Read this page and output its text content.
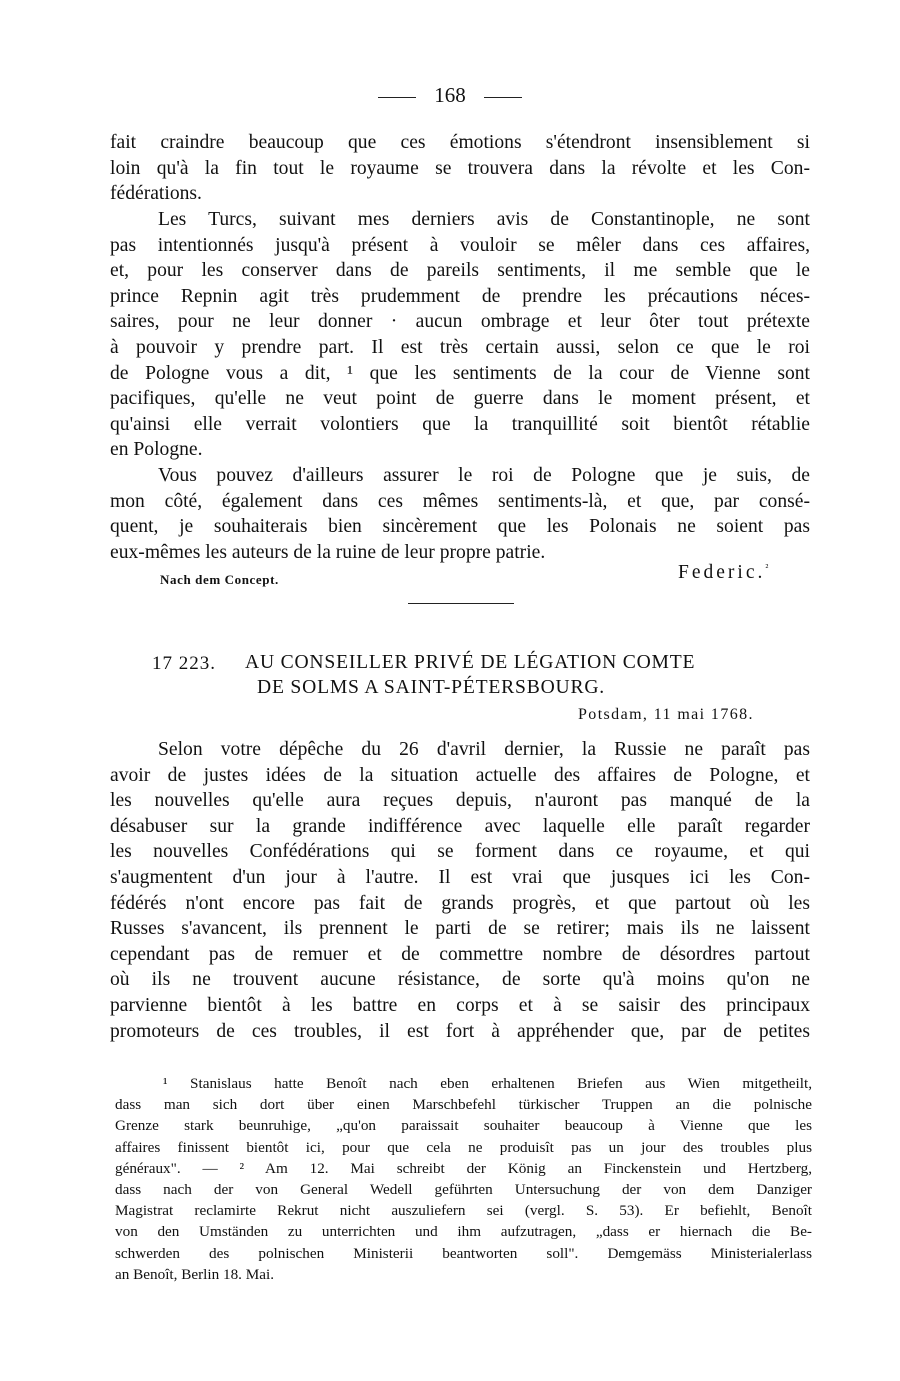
168
fait craindre beaucoup que ces émotions s'étendront insensiblement si
loin qu'à la fin tout le royaume se trouvera dans la révolte et les Con-
fédérations.
Les Turcs, suivant mes derniers avis de Constantinople, ne sont
pas intentionnés jusqu'à présent à vouloir se mêler dans ces affaires,
et, pour les conserver dans de pareils sentiments, il me semble que le
prince Repnin agit très prudemment de prendre les précautions néces-
saires, pour ne leur donner · aucun ombrage et leur ôter tout prétexte
à pouvoir y prendre part. Il est très certain aussi, selon ce que le roi
de Pologne vous a dit, ¹ que les sentiments de la cour de Vienne sont
pacifiques, qu'elle ne veut point de guerre dans le moment présent, et
qu'ainsi elle verrait volontiers que la tranquillité soit bientôt rétablie
en Pologne.
Vous pouvez d'ailleurs assurer le roi de Pologne que je suis, de
mon côté, également dans ces mêmes sentiments-là, et que, par consé-
quent, je souhaiterais bien sincèrement que les Polonais ne soient pas
eux-mêmes les auteurs de la ruine de leur propre patrie.
Nach dem Concept.	Federic.$^{^2}$
17 223. AU CONSEILLER PRIVÉ DE LÉGATION COMTE
DE SOLMS A SAINT-PÉTERSBOURG.
Potsdam, 11 mai 1768.
Selon votre dépêche du 26 d'avril dernier, la Russie ne paraît pas
avoir de justes idées de la situation actuelle des affaires de Pologne, et
les nouvelles qu'elle aura reçues depuis, n'auront pas manqué de la
désabuser sur la grande indifférence avec laquelle elle paraît regarder
les nouvelles Confédérations qui se forment dans ce royaume, et qui
s'augmentent d'un jour à l'autre. Il est vrai que jusques ici les Con-
fédérés n'ont encore pas fait de grands progrès, et que partout où les
Russes s'avancent, ils prennent le parti de se retirer; mais ils ne laissent
cependant pas de remuer et de commettre nombre de désordres partout
où ils ne trouvent aucune résistance, de sorte qu'à moins qu'on ne
parvienne bientôt à les battre en corps et à se saisir des principaux
promoteurs de ces troubles, il est fort à appréhender que, par de petites
¹ Stanislaus hatte Benoît nach eben erhaltenen Briefen aus Wien mitgetheilt,
dass man sich dort über einen Marschbefehl türkischer Truppen an die polnische
Grenze stark beunruhige, „qu'on paraissait souhaiter beaucoup à Vienne que les
affaires finissent bientôt ici, pour que cela ne produisît pas un jour des troubles plus
généraux". — ² Am 12. Mai schreibt der König an Finckenstein und Hertzberg,
dass nach der von General Wedell geführten Untersuchung der von dem Danziger
Magistrat reclamirte Rekrut nicht auszuliefern sei (vergl. S. 53). Er befiehlt, Benoît
von den Umständen zu unterrichten und ihm aufzutragen, „dass er hiernach die Be-
schwerden des polnischen Ministerii beantworten soll". Demgemäss Ministerialerlass
an Benoît, Berlin 18. Mai.
